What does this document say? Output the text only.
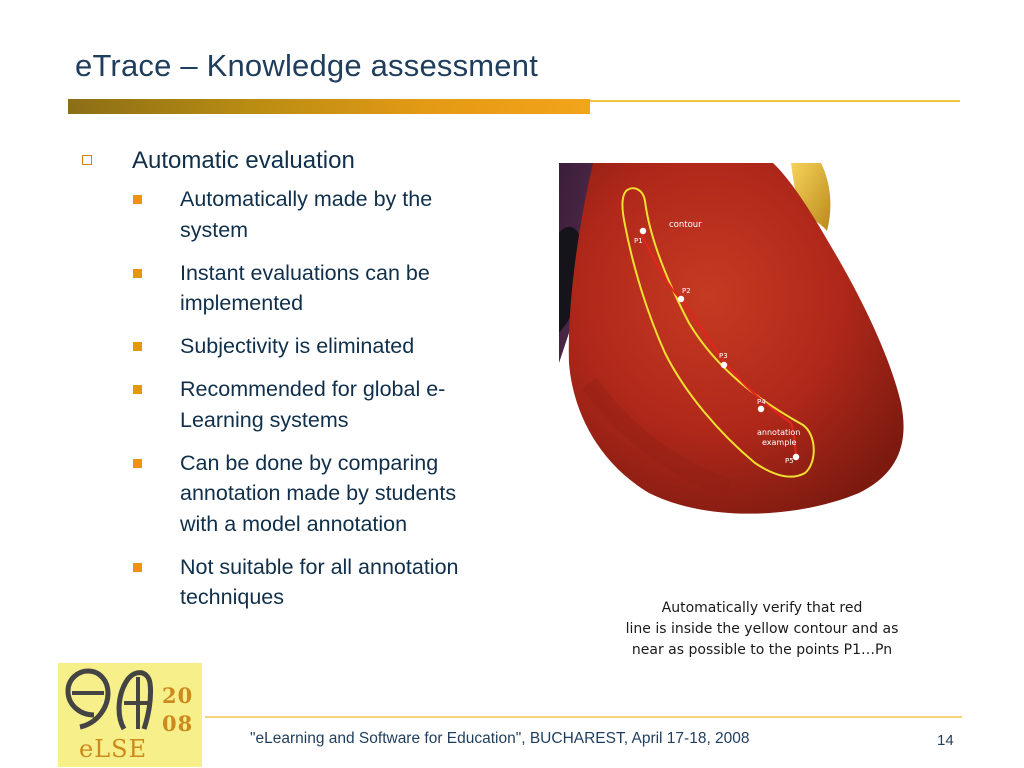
eTrace – Knowledge assessment
Automatic evaluation
Automatically made by the system
Instant evaluations can be implemented
Subjectivity is eliminated
Recommended for global e-Learning systems
Can be done by comparing annotation made by students with a model annotation
Not suitable for all annotation techniques
contour
P1
P2
P3
P4
P5
annotation
example
Automatically verify that red
line is inside the yellow contour and as
near as possible to the points P1…Pn
20
08
eLSE	"eLearning and Software for Education", BUCHAREST, April 17-18, 2008	14
